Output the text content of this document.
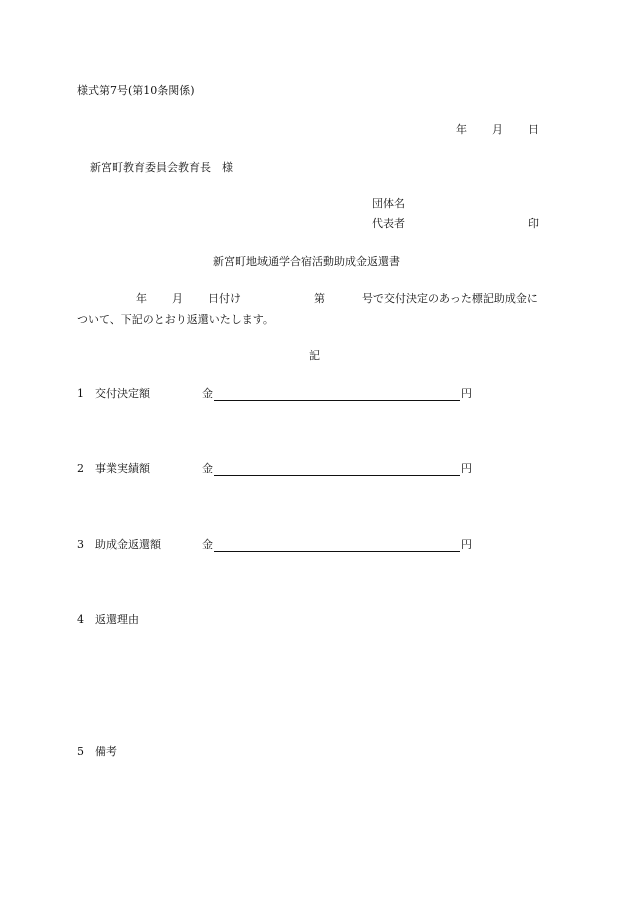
様式第7号(第10条関係)
年 月 日
新宮町教育委員会教育長　様
団体名
代表者	印
新宮町地域通学合宿活動助成金返還書
年 月 日付け	第	号で交付決定のあった標記助成金に
ついて、下記のとおり返還いたします。
記
1　交付決定額	金	円
2　事業実績額	金	円
3　助成金返還額	金	円
4　返還理由
5　備考
